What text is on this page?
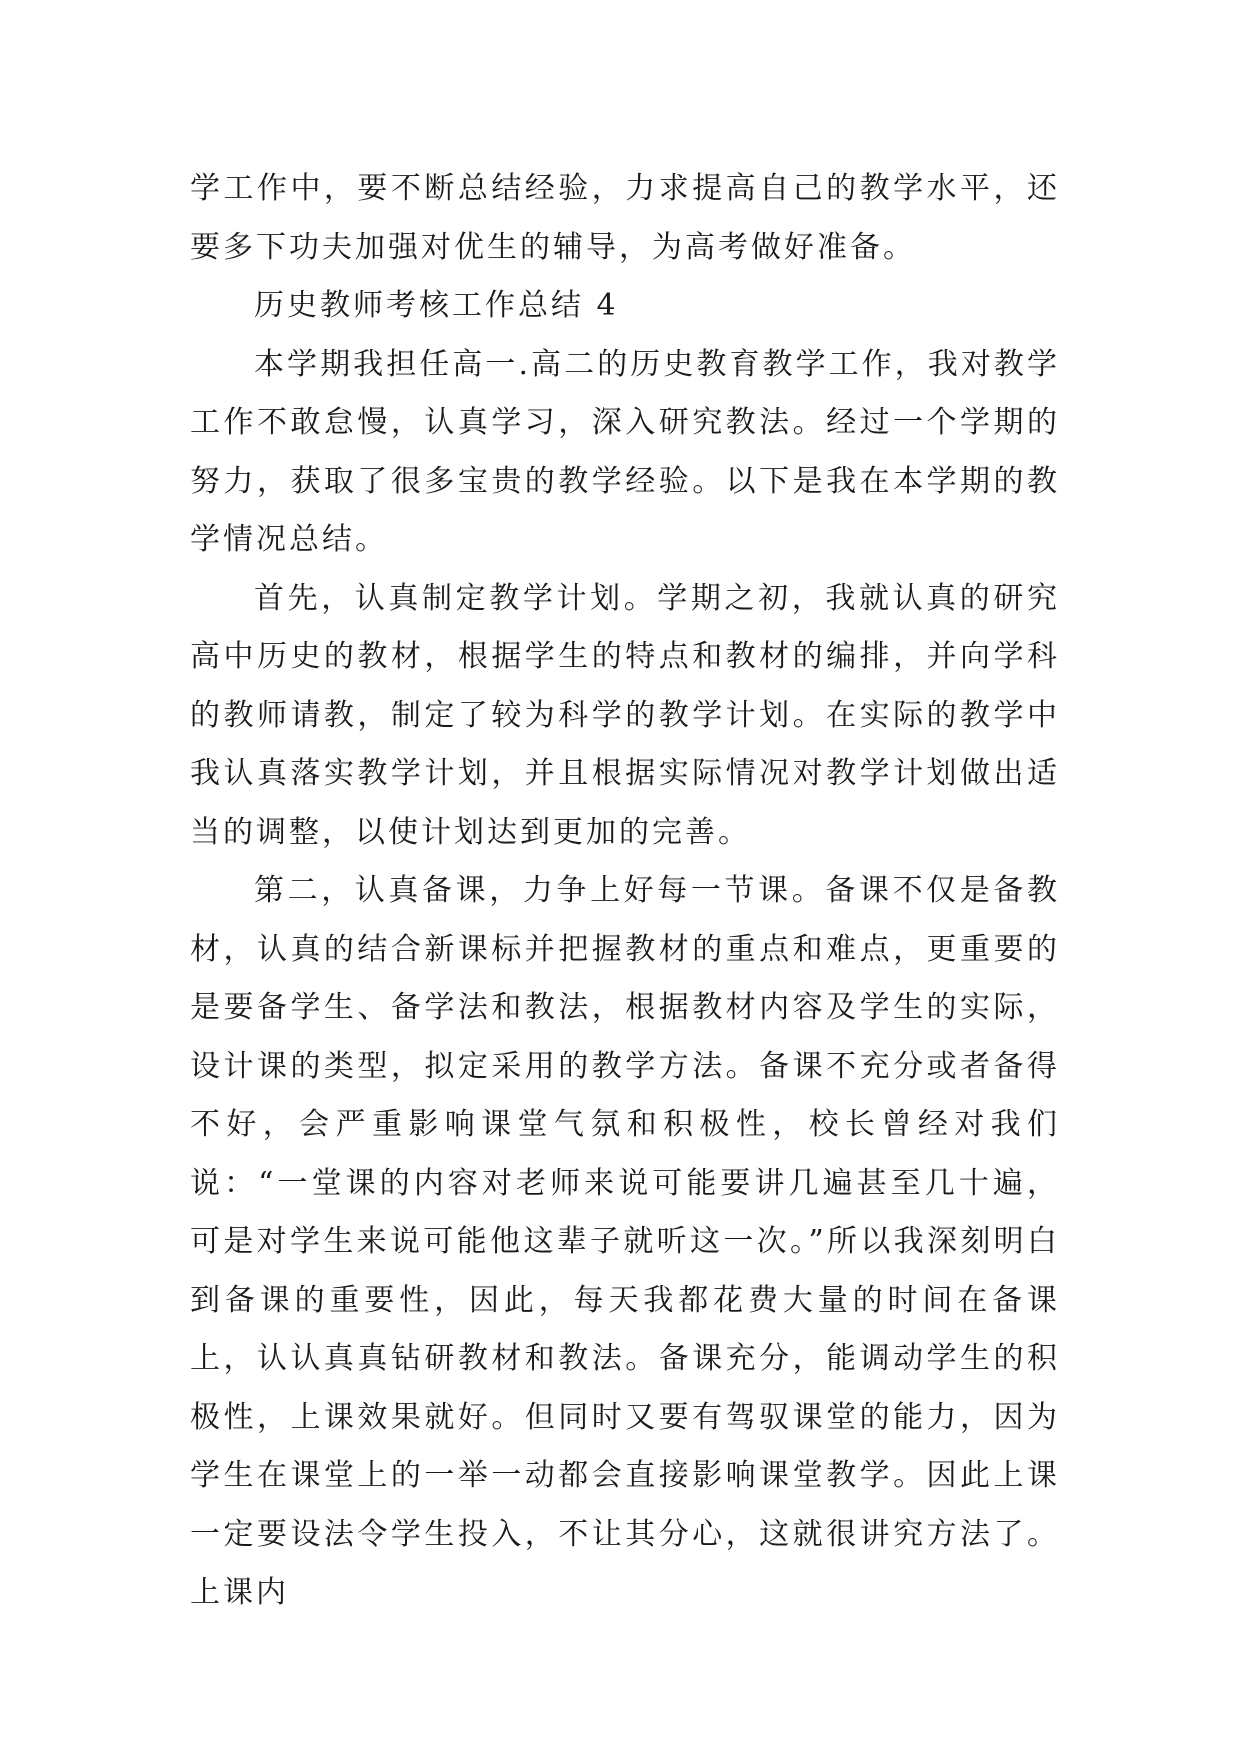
学工作中，要不断总结经验，力求提高自己的教学水平，还要多下功夫加强对优生的辅导，为高考做好准备。

历史教师考核工作总结 4

本学期我担任高一.高二的历史教育教学工作，我对教学工作不敢怠慢，认真学习，深入研究教法。经过一个学期的努力，获取了很多宝贵的教学经验。以下是我在本学期的教学情况总结。

首先，认真制定教学计划。学期之初，我就认真的研究高中历史的教材，根据学生的特点和教材的编排，并向学科的教师请教，制定了较为科学的教学计划。在实际的教学中我认真落实教学计划，并且根据实际情况对教学计划做出适当的调整，以使计划达到更加的完善。

第二，认真备课，力争上好每一节课。备课不仅是备教材，认真的结合新课标并把握教材的重点和难点，更重要的是要备学生、备学法和教法，根据教材内容及学生的实际，设计课的类型，拟定采用的教学方法。备课不充分或者备得不好，会严重影响课堂气氛和积极性，校长曾经对我们说：“一堂课的内容对老师来说可能要讲几遍甚至几十遍，可是对学生来说可能他这辈子就听这一次。”所以我深刻明白到备课的重要性，因此，每天我都花费大量的时间在备课上，认认真真钻研教材和教法。备课充分，能调动学生的积极性，上课效果就好。但同时又要有驾驭课堂的能力，因为学生在课堂上的一举一动都会直接影响课堂教学。因此上课一定要设法令学生投入，不让其分心，这就很讲究方法了。上课内
